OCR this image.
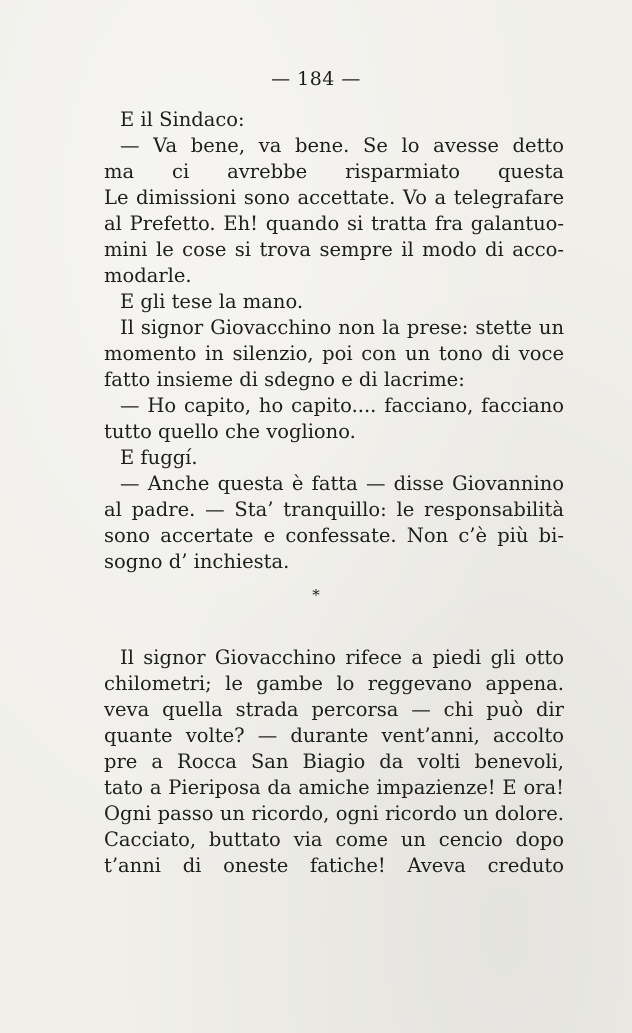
— 184 —
E il Sindaco:
— Va bene, va bene. Se lo avesse detto
ma ci avrebbe risparmiato questa
Le dimissioni sono accettate. Vo a telegrafare
al Prefetto. Eh! quando si tratta fra galantuo-
mini le cose si trova sempre il modo di acco-
modarle.
E gli tese la mano.
Il signor Giovacchino non la prese: stette un
momento in silenzio, poi con un tono di voce
fatto insieme di sdegno e di lacrime:
— Ho capito, ho capito.... facciano, facciano
tutto quello che vogliono.
E fuggí.
— Anche questa è fatta — disse Giovannino
al padre. — Sta’ tranquillo: le responsabilità
sono accertate e confessate. Non c’è più bi-
sogno d’ inchiesta.
*
Il signor Giovacchino rifece a piedi gli otto
chilometri; le gambe lo reggevano appena.
veva quella strada percorsa — chi può dir
quante volte? — durante vent’anni, accolto
pre a Rocca San Biagio da volti benevoli,
tato a Pieriposa da amiche impazienze! E ora!
Ogni passo un ricordo, ogni ricordo un dolore.
Cacciato, buttato via come un cencio dopo
t’anni di oneste fatiche! Aveva creduto
